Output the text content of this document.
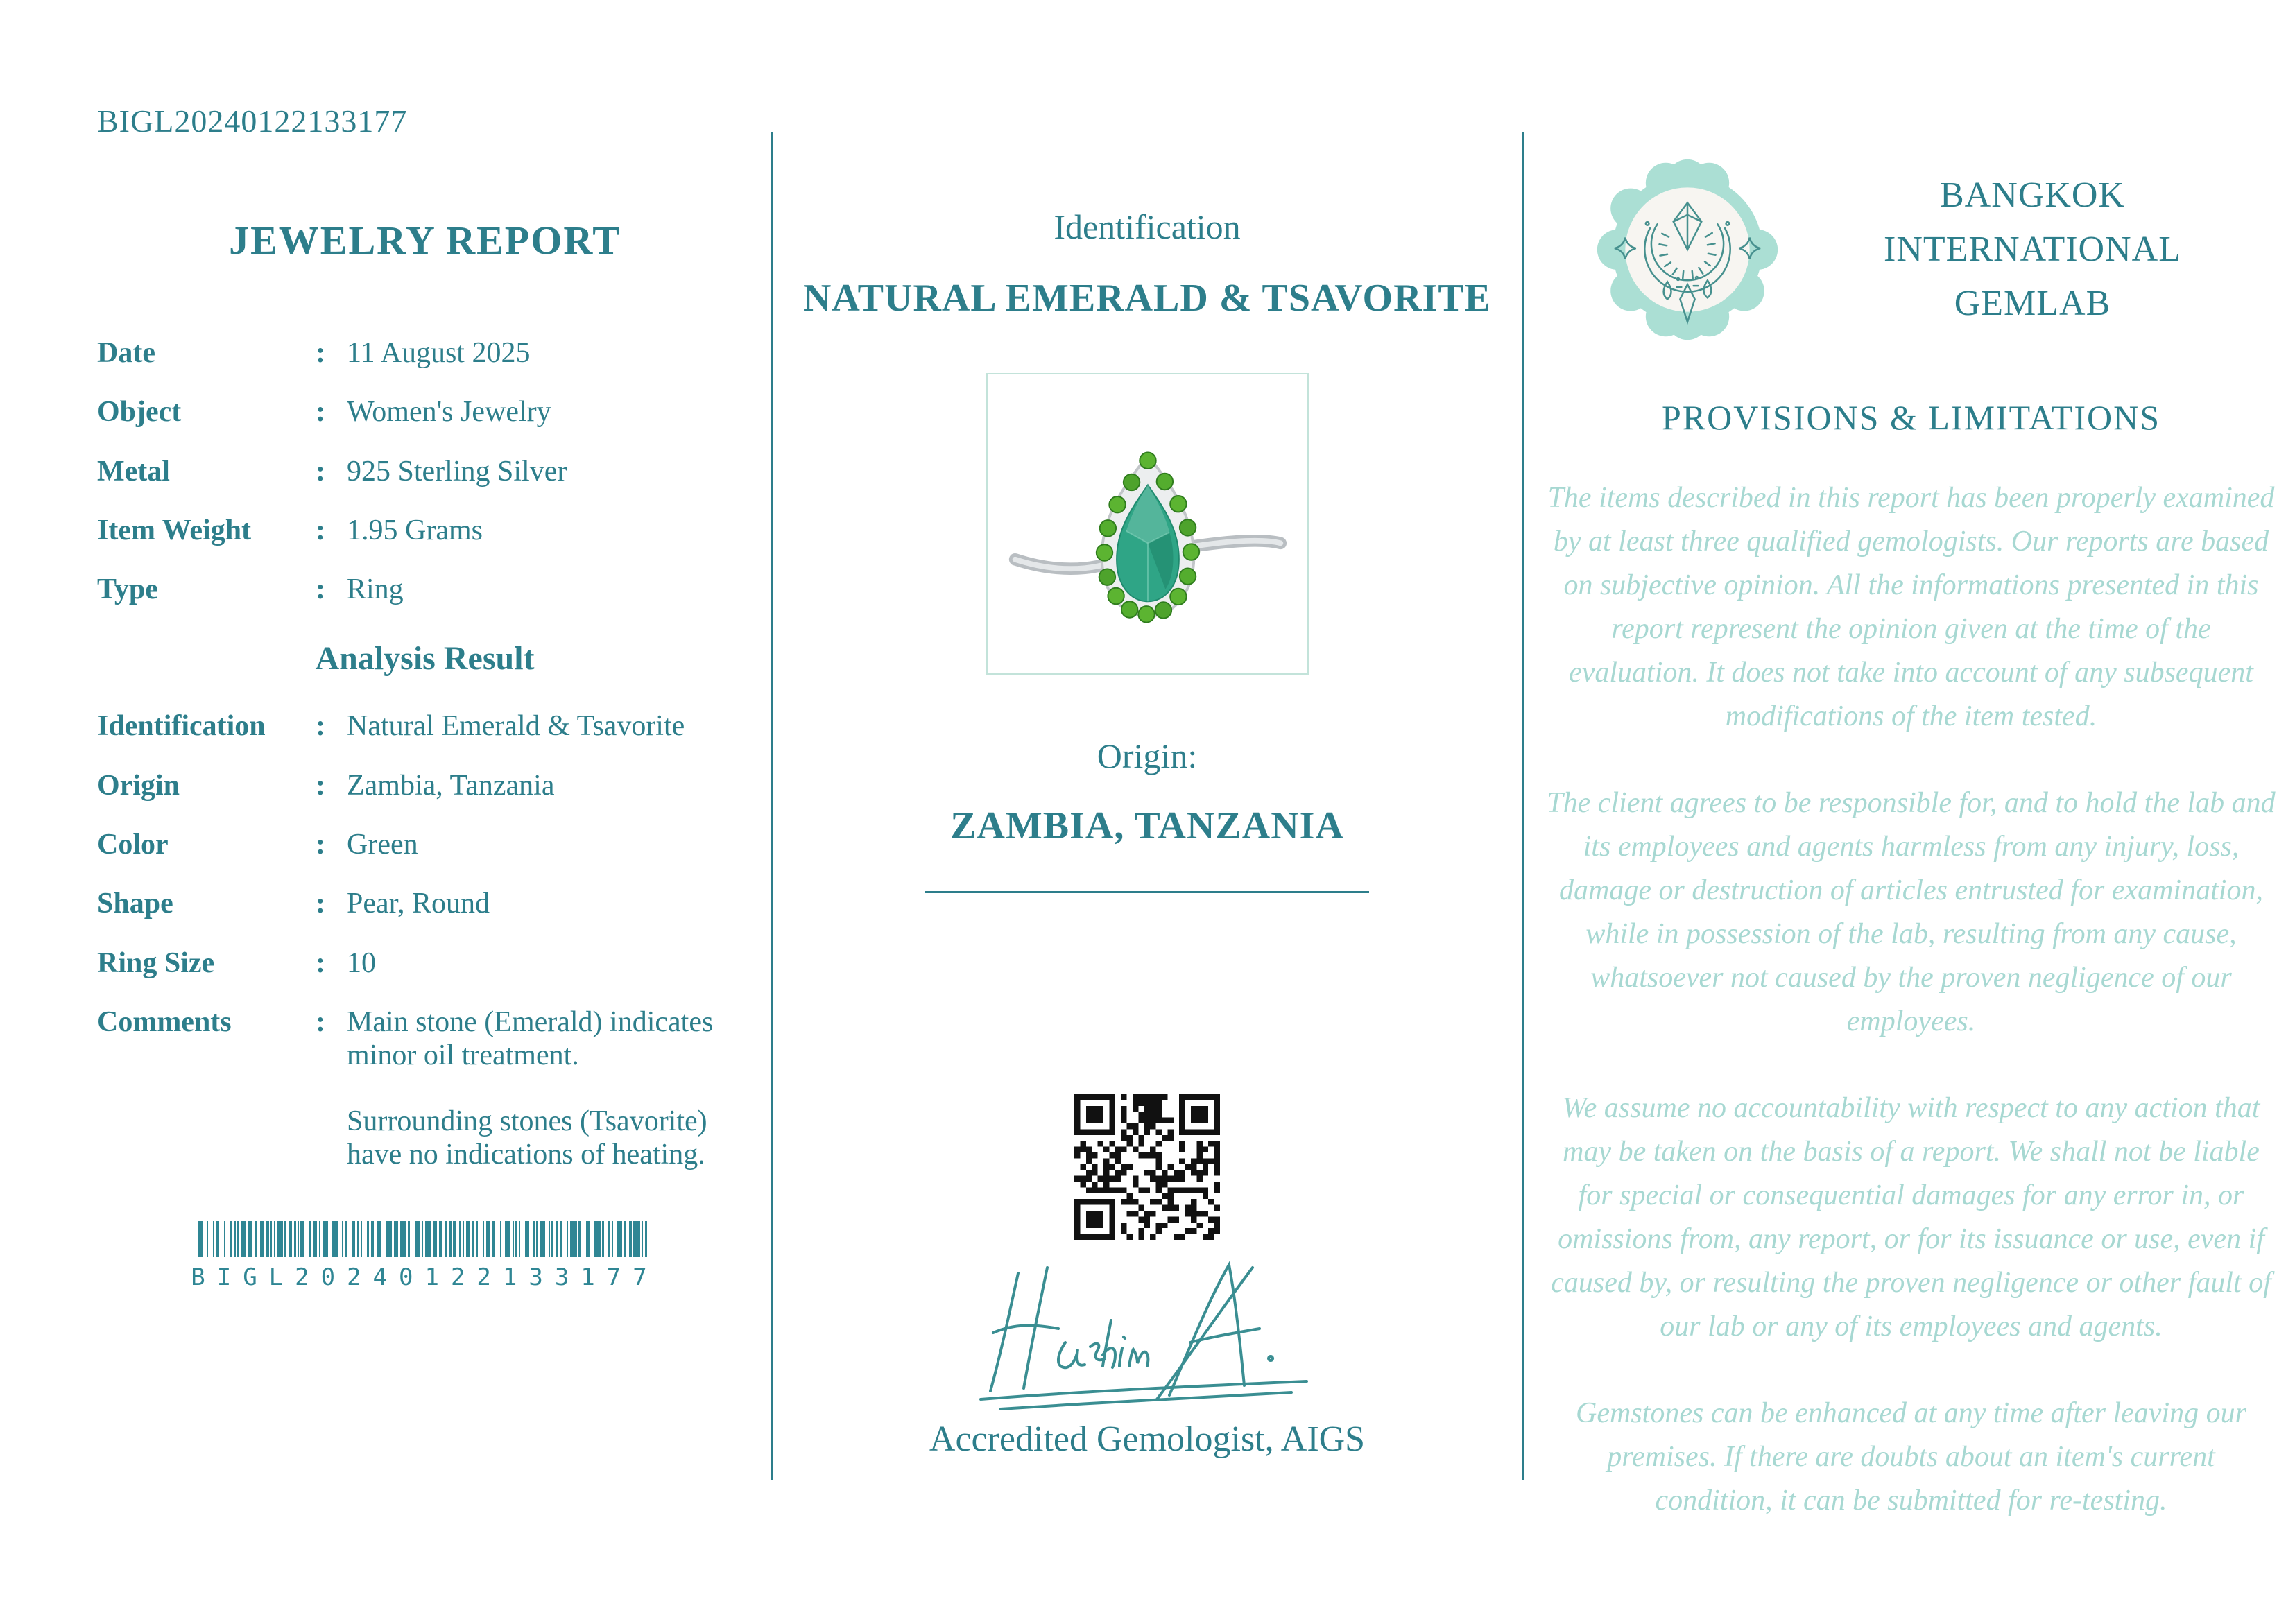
BIGL20240122133177
JEWELRY REPORT
Date	: 11 August 2025
Object	: Women's Jewelry
Metal	: 925 Sterling Silver
Item Weight	: 1.95 Grams
Type	: Ring
Analysis Result
Identification	: Natural Emerald & Tsavorite
Origin	: Zambia, Tanzania
Color	: Green
Shape	: Pear, Round
Ring Size	: 10
Comments	: Main stone (Emerald) indicates minor oil treatment.
Surrounding stones (Tsavorite) have no indications of heating.
BIGL20240122133177
Identification
NATURAL EMERALD & TSAVORITE
Origin:
ZAMBIA, TANZANIA
Accredited Gemologist, AIGS
BANGKOK
INTERNATIONAL
GEMLAB
PROVISIONS & LIMITATIONS

The items described in this report has been properly examined by at least three qualified gemologists. Our reports are based on subjective opinion. All the informations presented in this report represent the opinion given at the time of the evaluation. It does not take into account of any subsequent modifications of the item tested.

The client agrees to be responsible for, and to hold the lab and its employees and agents harmless from any injury, loss, damage or destruction of articles entrusted for examination, while in possession of the lab, resulting from any cause, whatsoever not caused by the proven negligence of our employees.

We assume no accountability with respect to any action that may be taken on the basis of a report. We shall not be liable for special or consequential damages for any error in, or omissions from, any report, or for its issuance or use, even if caused by, or resulting the proven negligence or other fault of our lab or any of its employees and agents.

Gemstones can be enhanced at any time after leaving our premises. If there are doubts about an item's current condition, it can be submitted for re-testing.
